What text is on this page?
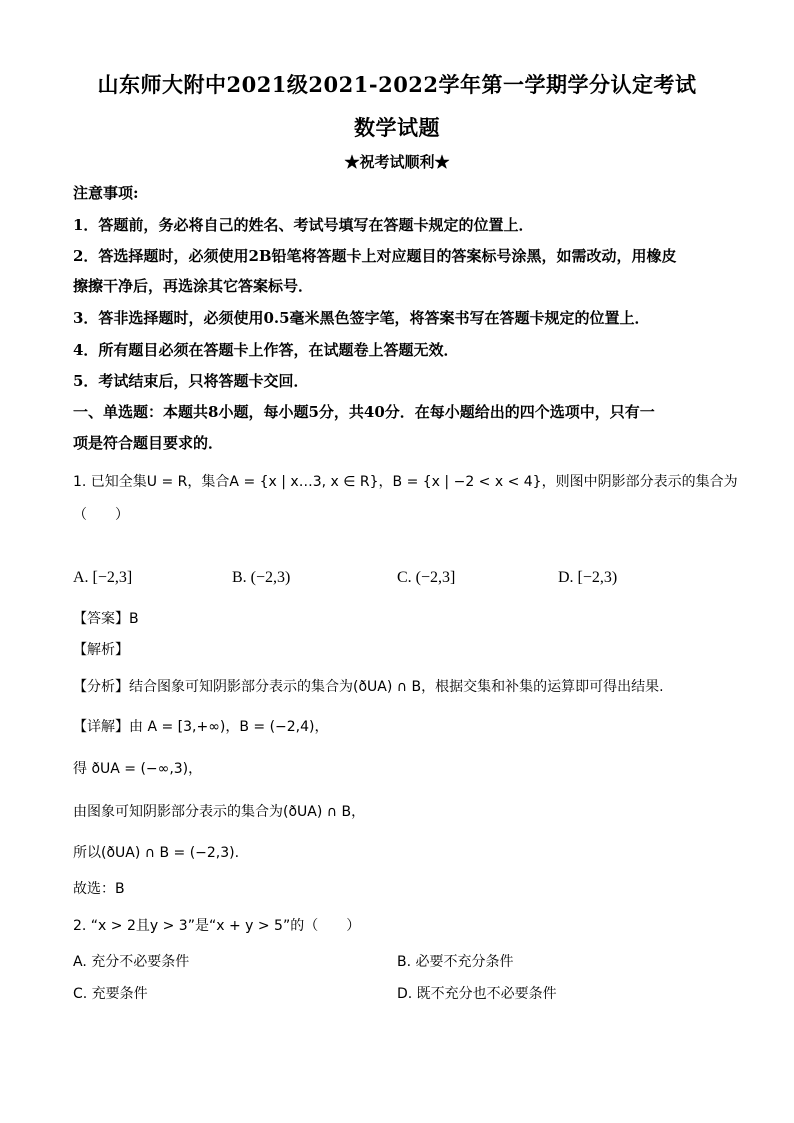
山东师大附中2021级2021-2022学年第一学期学分认定考试
数学试题
★祝考试顺利★
注意事项:
1．答题前，务必将自己的姓名、考试号填写在答题卡规定的位置上．
2．答选择题时，必须使用2B铅笔将答题卡上对应题目的答案标号涂黑，如需改动，用橡皮
擦擦干净后，再选涂其它答案标号．
3．答非选择题时，必须使用0.5毫米黑色签字笔，将答案书写在答题卡规定的位置上．
4．所有题目必须在答题卡上作答，在试题卷上答题无效．
5．考试结束后，只将答题卡交回．
一、单选题：本题共8小题，每小题5分，共40分．在每小题给出的四个选项中，只有一
项是符合题目要求的．
1. 已知全集U = R，集合A = {x | x…3, x ∈ R}，B = {x | −2 < x < 4}，则图中阴影部分表示的集合为
（　　）
A. [−2,3]	B. (−2,3)	C. (−2,3]	D. [−2,3)
【答案】B
【解析】
【分析】结合图象可知阴影部分表示的集合为(ðUA) ∩ B，根据交集和补集的运算即可得出结果.
【详解】由 A = [3,+∞)，B = (−2,4)，
得 ðUA = (−∞,3)，
由图象可知阴影部分表示的集合为(ðUA) ∩ B，
所以(ðUA) ∩ B = (−2,3).
故选：B
2. “x > 2且y > 3”是“x + y > 5”的（　　）
A. 充分不必要条件	B. 必要不充分条件
C. 充要条件	D. 既不充分也不必要条件
